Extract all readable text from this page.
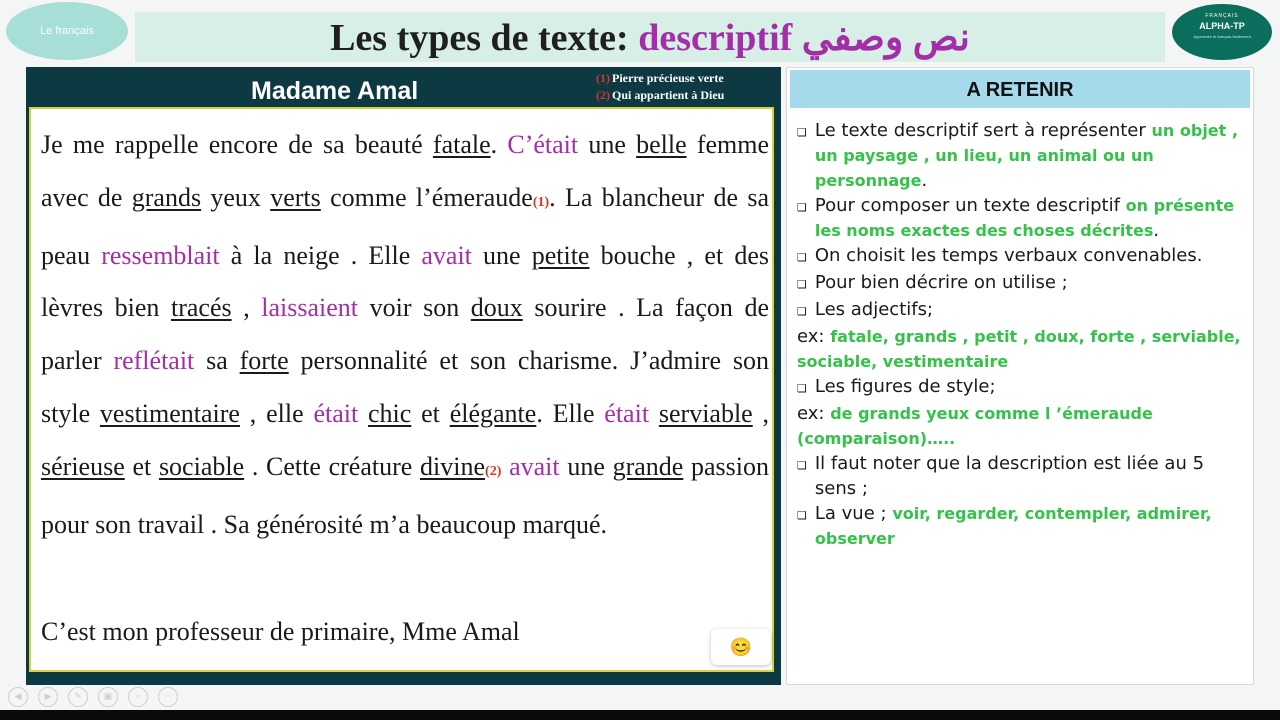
Le français	Les types de texte: descriptif نص وصفي
FRANÇAIS
ALPHA-TP
Apprendre le français facilement
Madame Amal	(1) Pierre précieuse verte
(2) Qui appartient à Dieu
Je me rappelle encore de sa beauté fatale. C’était une belle femme avec de grands yeux verts comme l’émeraude(1). La blancheur de sa peau ressemblait à la neige . Elle avait une petite bouche , et des lèvres bien tracés , laissaient voir son doux sourire . La façon de parler reflétait sa forte personnalité et son charisme. J’admire son style vestimentaire , elle était chic et élégante. Elle était serviable , sérieuse et sociable . Cette créature divine(2) avait une grande passion pour son travail . Sa générosité m’a beaucoup marqué.
C’est mon professeur de primaire, Mme Amal
😊
A RETENIR
❑ Le texte descriptif sert à représenter un objet , un paysage , un lieu, un animal ou un personnage.
❑ Pour composer un texte descriptif on présente les noms exactes des choses décrites.
❑ On choisit les temps verbaux convenables.
❑ Pour bien décrire on utilise ;
❑ Les adjectifs;
ex: fatale, grands , petit , doux, forte , serviable, sociable, vestimentaire
❑ Les figures de style;
ex: de grands yeux comme l ’émeraude (comparaison)…..
❑ Il faut noter que la description est liée au 5 sens ;
❑ La vue ; voir, regarder, contempler, admirer, observer
◀	▶	✎	▣	⌕	⋯
